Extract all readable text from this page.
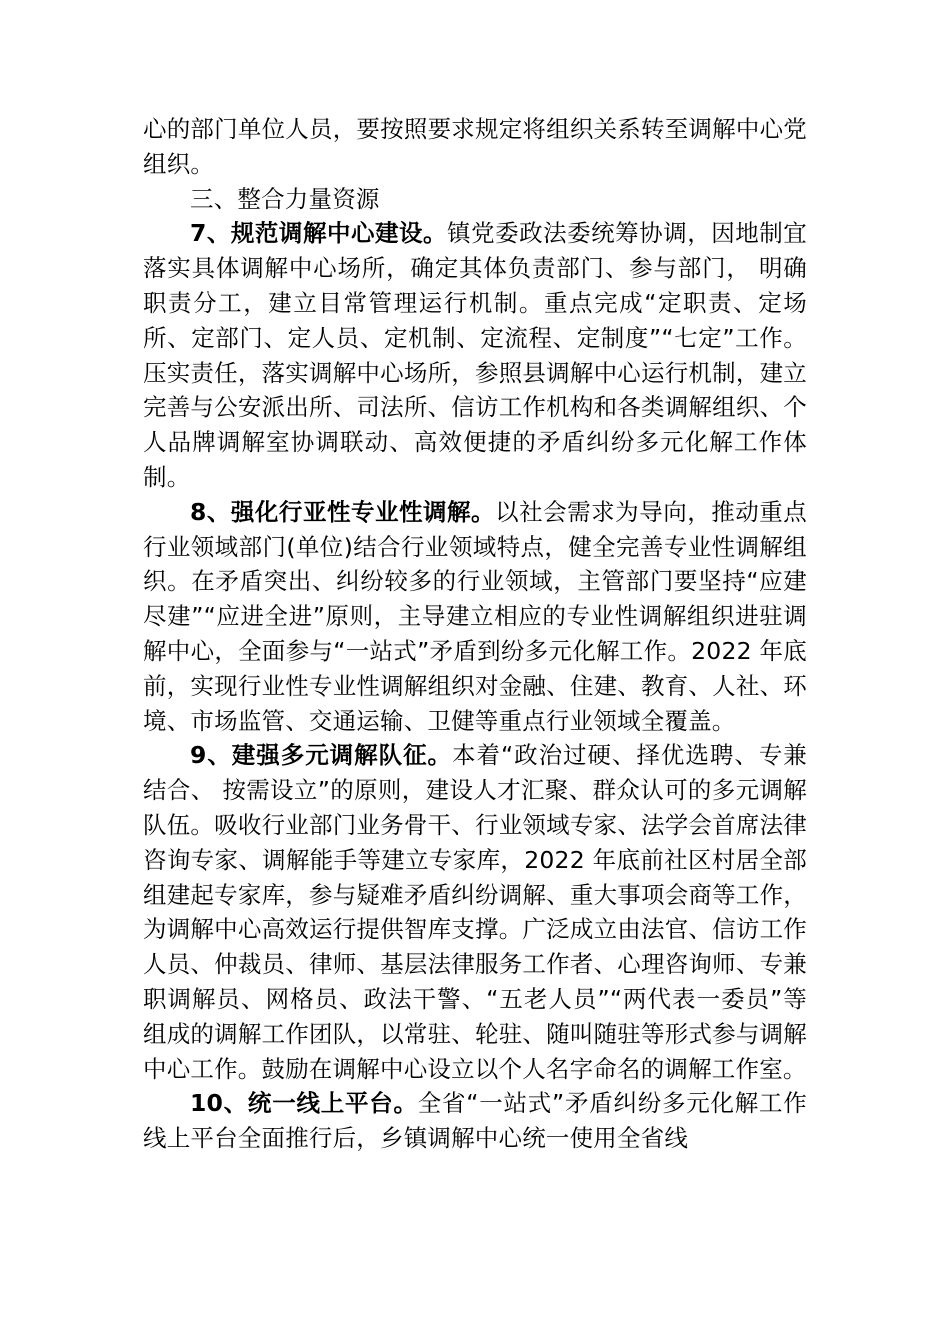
心的部门单位人员，要按照要求规定将组织关系转至调解中心党组织。

三、整合力量资源

7、规范调解中心建设。镇党委政法委统筹协调，因地制宜落实具体调解中心场所，确定其体负责部门、参与部门， 明确职责分工，建立目常管理运行机制。重点完成“定职责、定场所、定部门、定人员、定机制、定流程、定制度”“七定”工作。压实责任，落实调解中心场所，参照县调解中心运行机制，建立完善与公安派出所、司法所、信访工作机构和各类调解组织、个人品牌调解室协调联动、高效便捷的矛盾纠纷多元化解工作体制。

8、强化行亚性专业性调解。以社会需求为导向，推动重点行业领域部门(单位)结合行业领域特点，健全完善专业性调解组织。在矛盾突出、纠纷较多的行业领域，主管部门要坚持“应建尽建”“应进全进”原则，主导建立相应的专业性调解组织进驻调解中心，全面参与“一站式”矛盾到纷多元化解工作。2022 年底前，实现行业性专业性调解组织对金融、住建、教育、人社、环境、市场监管、交通运输、卫健等重点行业领域全覆盖。

9、建强多元调解队征。本着“政治过硬、择优选聘、专兼结合、 按需设立”的原则，建设人才汇聚、群众认可的多元调解队伍。吸收行业部门业务骨干、行业领域专家、法学会首席法律咨询专家、调解能手等建立专家库，2022 年底前社区村居全部组建起专家库，参与疑难矛盾纠纷调解、重大事项会商等工作，为调解中心高效运行提供智库支撑。广泛成立由法官、信访工作人员、仲裁员、律师、基层法律服务工作者、心理咨询师、专兼职调解员、网格员、政法干警、“五老人员”“两代表一委员”等组成的调解工作团队，以常驻、轮驻、随叫随驻等形式参与调解中心工作。鼓励在调解中心设立以个人名字命名的调解工作室。

10、统一线上平台。全省“一站式”矛盾纠纷多元化解工作线上平台全面推行后，乡镇调解中心统一使用全省线
